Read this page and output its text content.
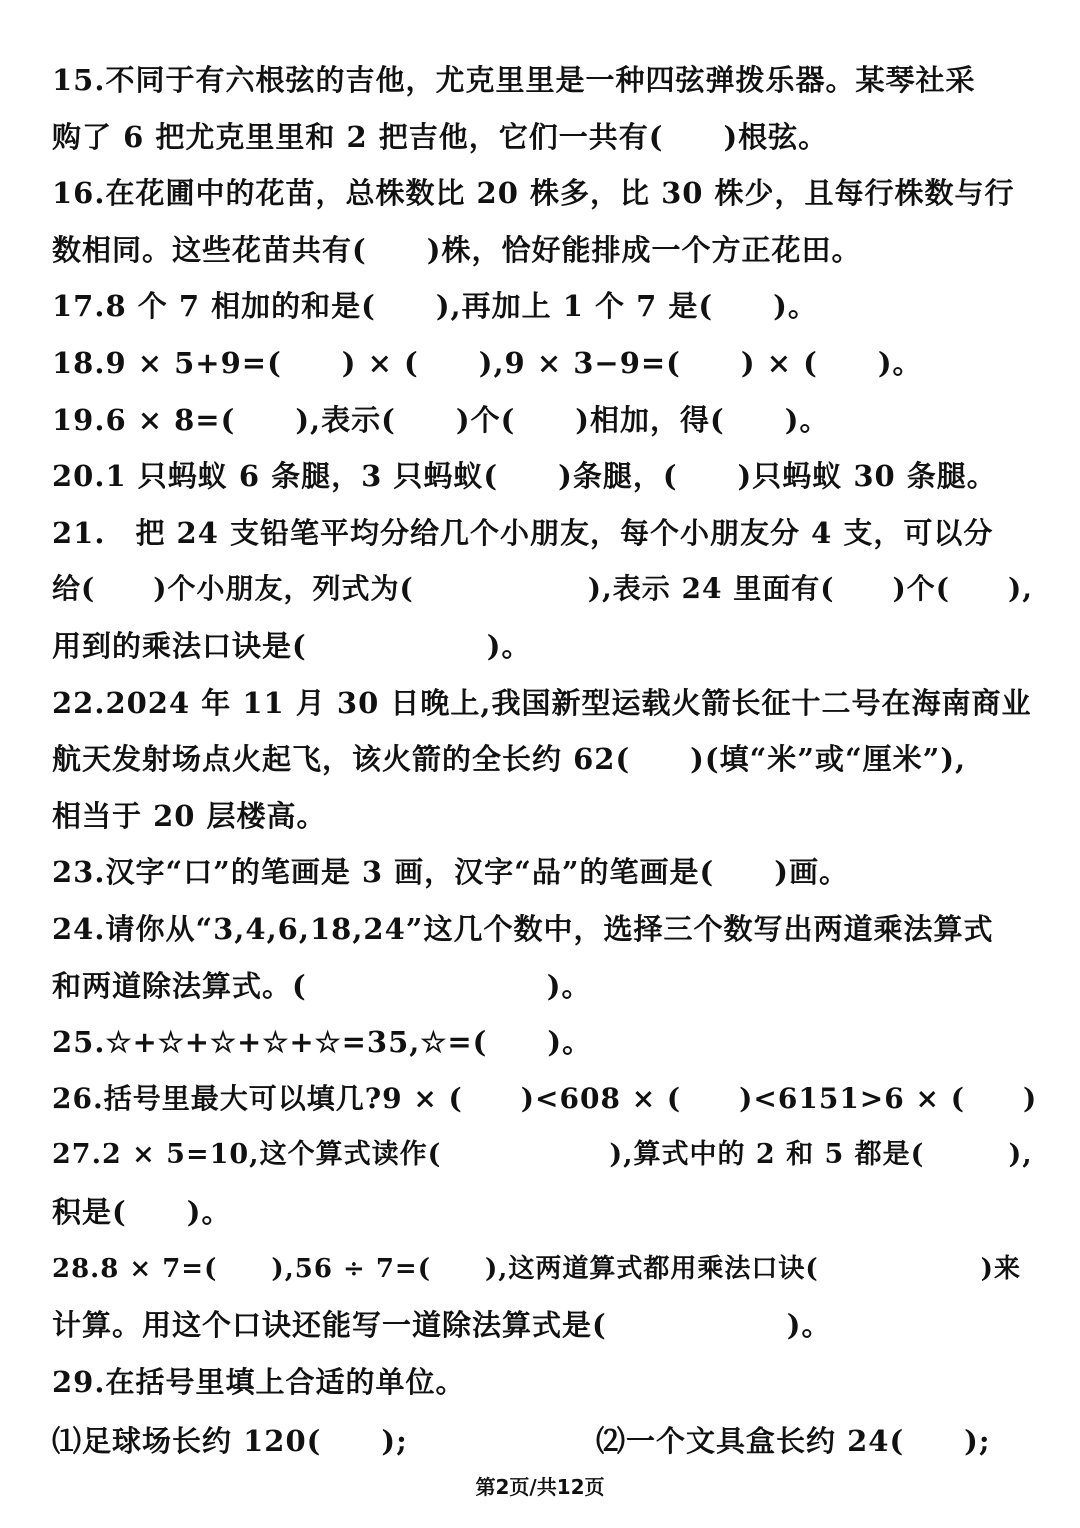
15.不同于有六根弦的吉他，尤克里里是一种四弦弹拨乐器。某琴社采
购了 6 把尤克里里和 2 把吉他，它们一共有(　　)根弦。
16.在花圃中的花苗，总株数比 20 株多，比 30 株少，且每行株数与行
数相同。这些花苗共有(　　)株，恰好能排成一个方正花田。
17.8 个 7 相加的和是(　　),再加上 1 个 7 是(　　)。
18.9 × 5+9=(　　) × (　　),9 × 3−9=(　　) × (　　)。
19.6 × 8=(　　),表示(　　)个(　　)相加，得(　　)。
20.1 只蚂蚁 6 条腿，3 只蚂蚁(　　)条腿，(　　)只蚂蚁 30 条腿。
21.　把 24 支铅笔平均分给几个小朋友，每个小朋友分 4 支，可以分
给(　　)个小朋友，列式为(　　　　　　),表示 24 里面有(　　)个(　　),
用到的乘法口诀是(　　　　　　)。
22.2024 年 11 月 30 日晚上,我国新型运载火箭长征十二号在海南商业
航天发射场点火起飞，该火箭的全长约 62(　　)(填“米”或“厘米”),
相当于 20 层楼高。
23.汉字“口”的笔画是 3 画，汉字“品”的笔画是(　　)画。
24.请你从“3,4,6,18,24”这几个数中，选择三个数写出两道乘法算式
和两道除法算式。(　　　　　　　　)。
25.☆+☆+☆+☆+☆=35,☆=(　　)。
26.括号里最大可以填几?9 × (　　)<608 × (　　)<6151>6 × (　　)
27.2 × 5=10,这个算式读作(　　　　　　),算式中的 2 和 5 都是(　　　),
积是(　　)。
28.8 × 7=(　　),56 ÷ 7=(　　),这两道算式都用乘法口诀(　　　　　　)来
计算。用这个口诀还能写一道除法算式是(　　　　　　)。
29.在括号里填上合适的单位。
⑴足球场长约 120(　　);	⑵一个文具盒长约 24(　　);
第2页/共12页
